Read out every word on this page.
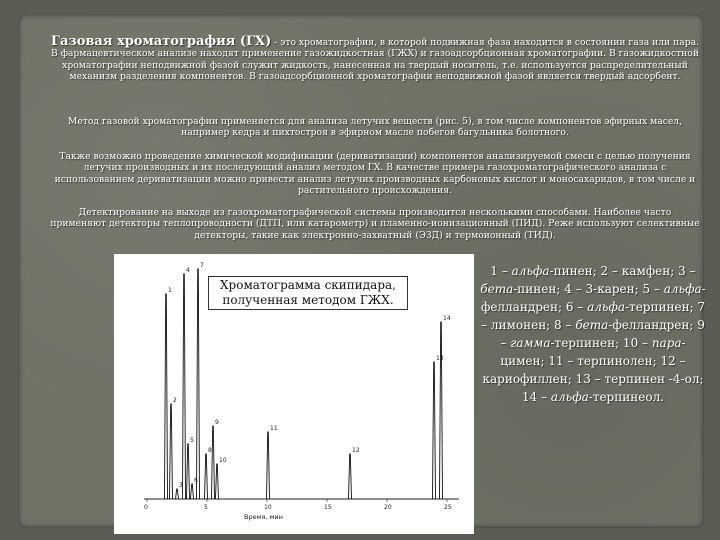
Газовая хроматография (ГХ) - это хроматография, в которой подвижная фаза находится в состоянии газа или пара. В фармацевтическом анализе находят применение газожидкостная (ГЖХ) и газоадсорбционная хроматографии. В газожидкостной хроматографии неподвижной фазой служит жидкость, нанесенная на твердый носитель, т.е. используется распределительный механизм разделения компонентов. В газоадсорбционной хроматографии неподвижной фазой является твердый адсорбент.
Метод газовой хроматографии применяется для анализа летучих веществ (рис. 5), в том числе компонентов эфирных масел, например кедра и пихтостроя в эфирном масле побегов багульника болотного.
Также возможно проведение химической модификации (дериватизации) компонентов анализируемой смеси с целью получения летучих производных и их последующий анализ методом ГХ. В качестве примера газохроматографического анализа с использованием дериватизации можно привести анализ летучих производных карбоновых кислот и моносахаридов, в том числе и растительного происхождения.
Детектирование на выходе из газохроматографической системы производится несколькими способами. Наиболее часто применяют детекторы теплопроводности (ДТП, или катарометр) и пламенно-ионизационный (ПИД). Реже используют селективные детекторы, такие как электронно-захватный (ЭЗД) и термоионный (ТИД).
1
2
3
4
5
6
7
8
9
10
11
12
13
14
0	5	10	15	20	25
Время, мин
Хроматограмма скипидара, полученная методом ГЖХ.
1 – альфа-пинен; 2 – камфен; 3 – бета-пинен; 4 – 3-карен; 5 – альфа-фелландрен; 6 – альфа-терпинен; 7 – лимонен; 8 – бета-фелландрен; 9 – гамма-терпинен; 10 – пара-цимен; 11 – терпинолен; 12 – кариофиллен; 13 – терпинен -4-ол; 14 – альфа-терпинеол.
